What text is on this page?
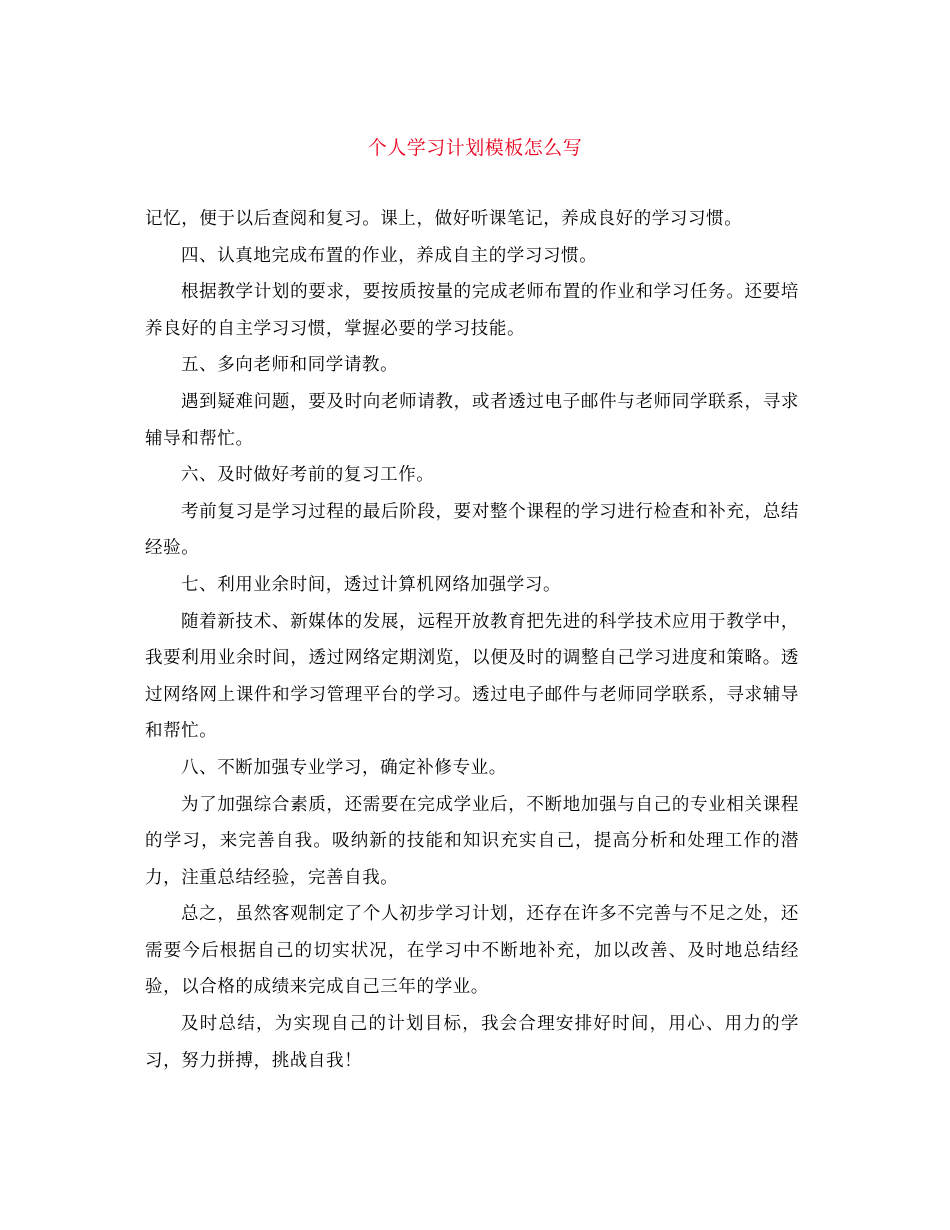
个人学习计划模板怎么写

记忆，便于以后查阅和复习。课上，做好听课笔记，养成良好的学习习惯。

四、认真地完成布置的作业，养成自主的学习习惯。

根据教学计划的要求，要按质按量的完成老师布置的作业和学习任务。还要培养良好的自主学习习惯，掌握必要的学习技能。

五、多向老师和同学请教。

遇到疑难问题，要及时向老师请教，或者透过电子邮件与老师同学联系，寻求辅导和帮忙。

六、及时做好考前的复习工作。

考前复习是学习过程的最后阶段，要对整个课程的学习进行检查和补充，总结经验。

七、利用业余时间，透过计算机网络加强学习。

随着新技术、新媒体的发展，远程开放教育把先进的科学技术应用于教学中，我要利用业余时间，透过网络定期浏览，以便及时的调整自己学习进度和策略。透过网络网上课件和学习管理平台的学习。透过电子邮件与老师同学联系，寻求辅导和帮忙。

八、不断加强专业学习，确定补修专业。

为了加强综合素质，还需要在完成学业后，不断地加强与自己的专业相关课程的学习，来完善自我。吸纳新的技能和知识充实自己，提高分析和处理工作的潜力，注重总结经验，完善自我。

总之，虽然客观制定了个人初步学习计划，还存在许多不完善与不足之处，还需要今后根据自己的切实状况，在学习中不断地补充，加以改善、及时地总结经验，以合格的成绩来完成自己三年的学业。

及时总结，为实现自己的计划目标，我会合理安排好时间，用心、用力的学习，努力拼搏，挑战自我！
